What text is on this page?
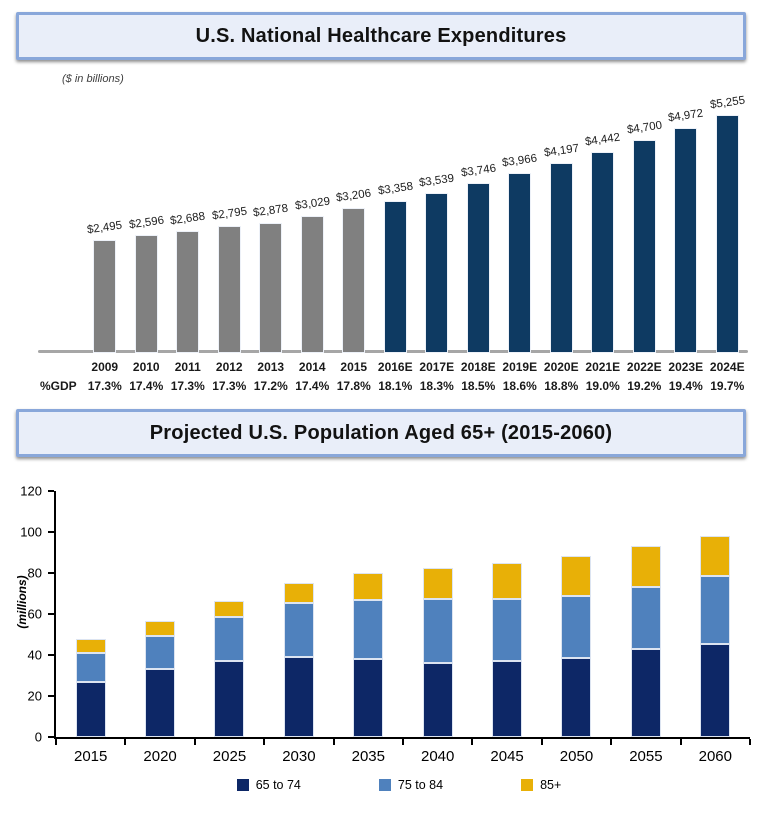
U.S. National Healthcare Expenditures
($ in billions)
$2,495 $2,596 $2,688 $2,795 $2,878 $3,029 $3,206 $3,358 $3,539
$3,746
$3,966
$4,197
$4,442
$4,700
$4,972
$5,255
2009	2010	2011	2012	2013	2014	2015 2016E 2017E 2018E 2019E 2020E 2021E 2022E 2023E 2024E
%GDP 17.3% 17.4% 17.3% 17.3% 17.2% 17.4% 17.8% 18.1% 18.3% 18.5% 18.6% 18.8% 19.0% 19.2% 19.4% 19.7%
Projected U.S. Population Aged 65+ (2015-2060)
(millions)
0
20
40
60
80
100
120
2015	2020	2025	2030	2035	2040	2045	2050	2055	2060
65 to 74	75 to 84	85+
